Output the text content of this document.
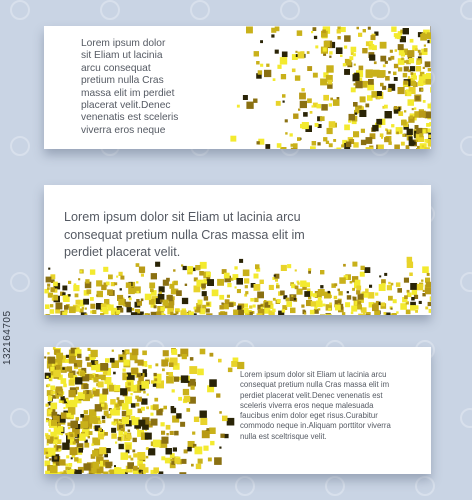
Lorem ipsum dolor
sit Eliam ut lacinia
arcu consequat
pretium nulla Cras
massa elit im perdiet
placerat velit.Denec
venenatis est sceleris
viverra eros neque

Lorem ipsum dolor sit Eliam ut lacinia arcu
consequat pretium nulla Cras massa elit im
perdiet placerat velit.

Lorem ipsum dolor sit Eliam ut lacinia arcu
consequat pretium nulla Cras massa elit im
perdiet placerat velit.Denec venenatis est
sceleris viverra eros neque malesuada
faucibus enim dolor eget risus.Curabitur
commodo neque in.Aliquam porttitor viverra
nulla est sceltrisque velit.

132164705
